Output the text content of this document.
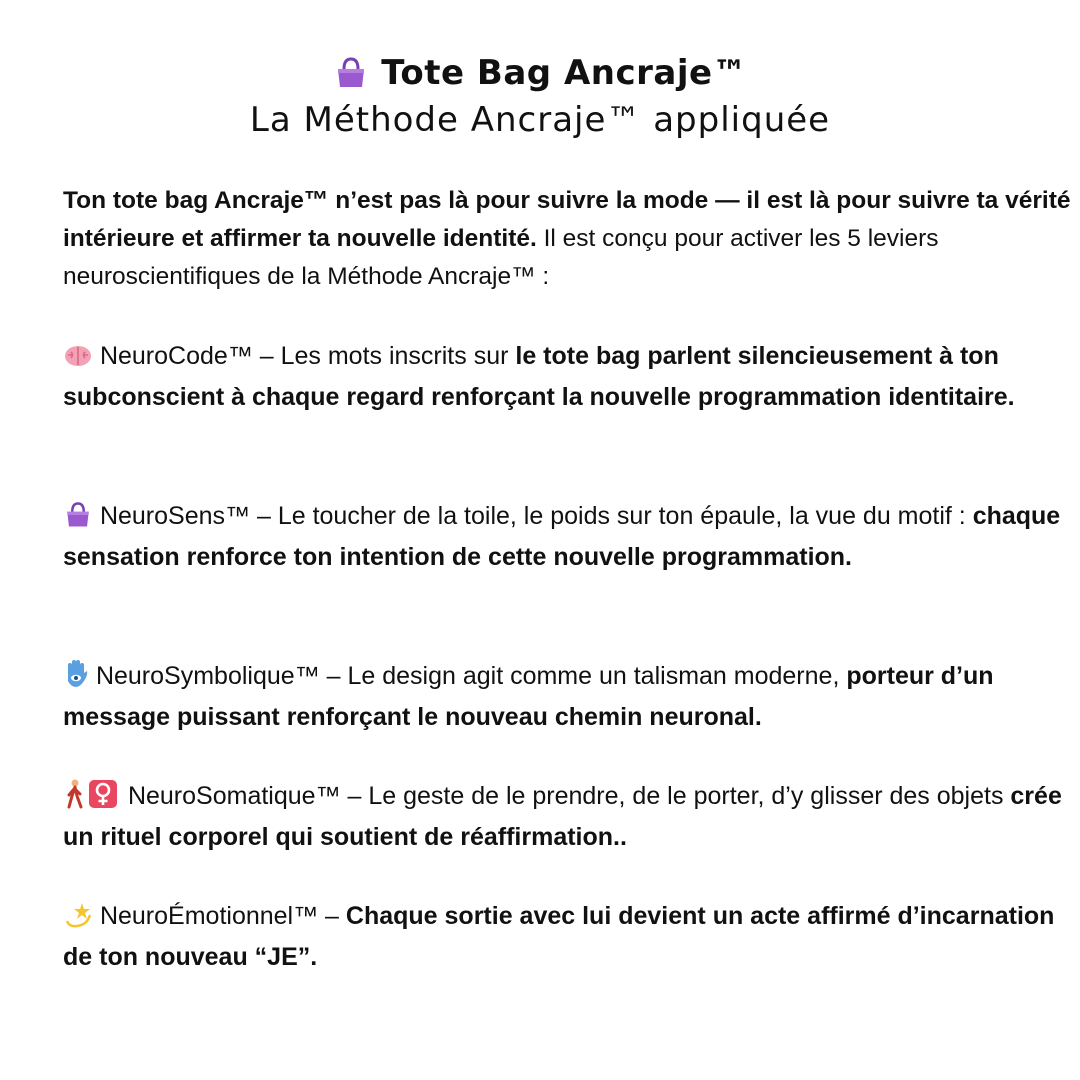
Tote Bag Ancraje™
La Méthode Ancraje™ appliquée
Ton tote bag Ancraje™ n’est pas là pour suivre la mode — il est là pour suivre ta vérité intérieure et affirmer ta nouvelle identité. Il est conçu pour activer les 5 leviers neuroscientifiques de la Méthode Ancraje™ :
NeuroCode™ – Les mots inscrits sur le tote bag parlent silencieusement à ton subconscient à chaque regard renforçant la nouvelle programmation identitaire.
NeuroSens™ – Le toucher de la toile, le poids sur ton épaule, la vue du motif : chaque sensation renforce ton intention de cette nouvelle programmation.
NeuroSymbolique™ – Le design agit comme un talisman moderne, porteur d’un message puissant renforçant le nouveau chemin neuronal.
NeuroSomatique™ – Le geste de le prendre, de le porter, d’y glisser des objets crée un rituel corporel qui soutient de réaffirmation..
NeuroÉmotionnel™ – Chaque sortie avec lui devient un acte affirmé d’incarnation de ton nouveau “JE”.
